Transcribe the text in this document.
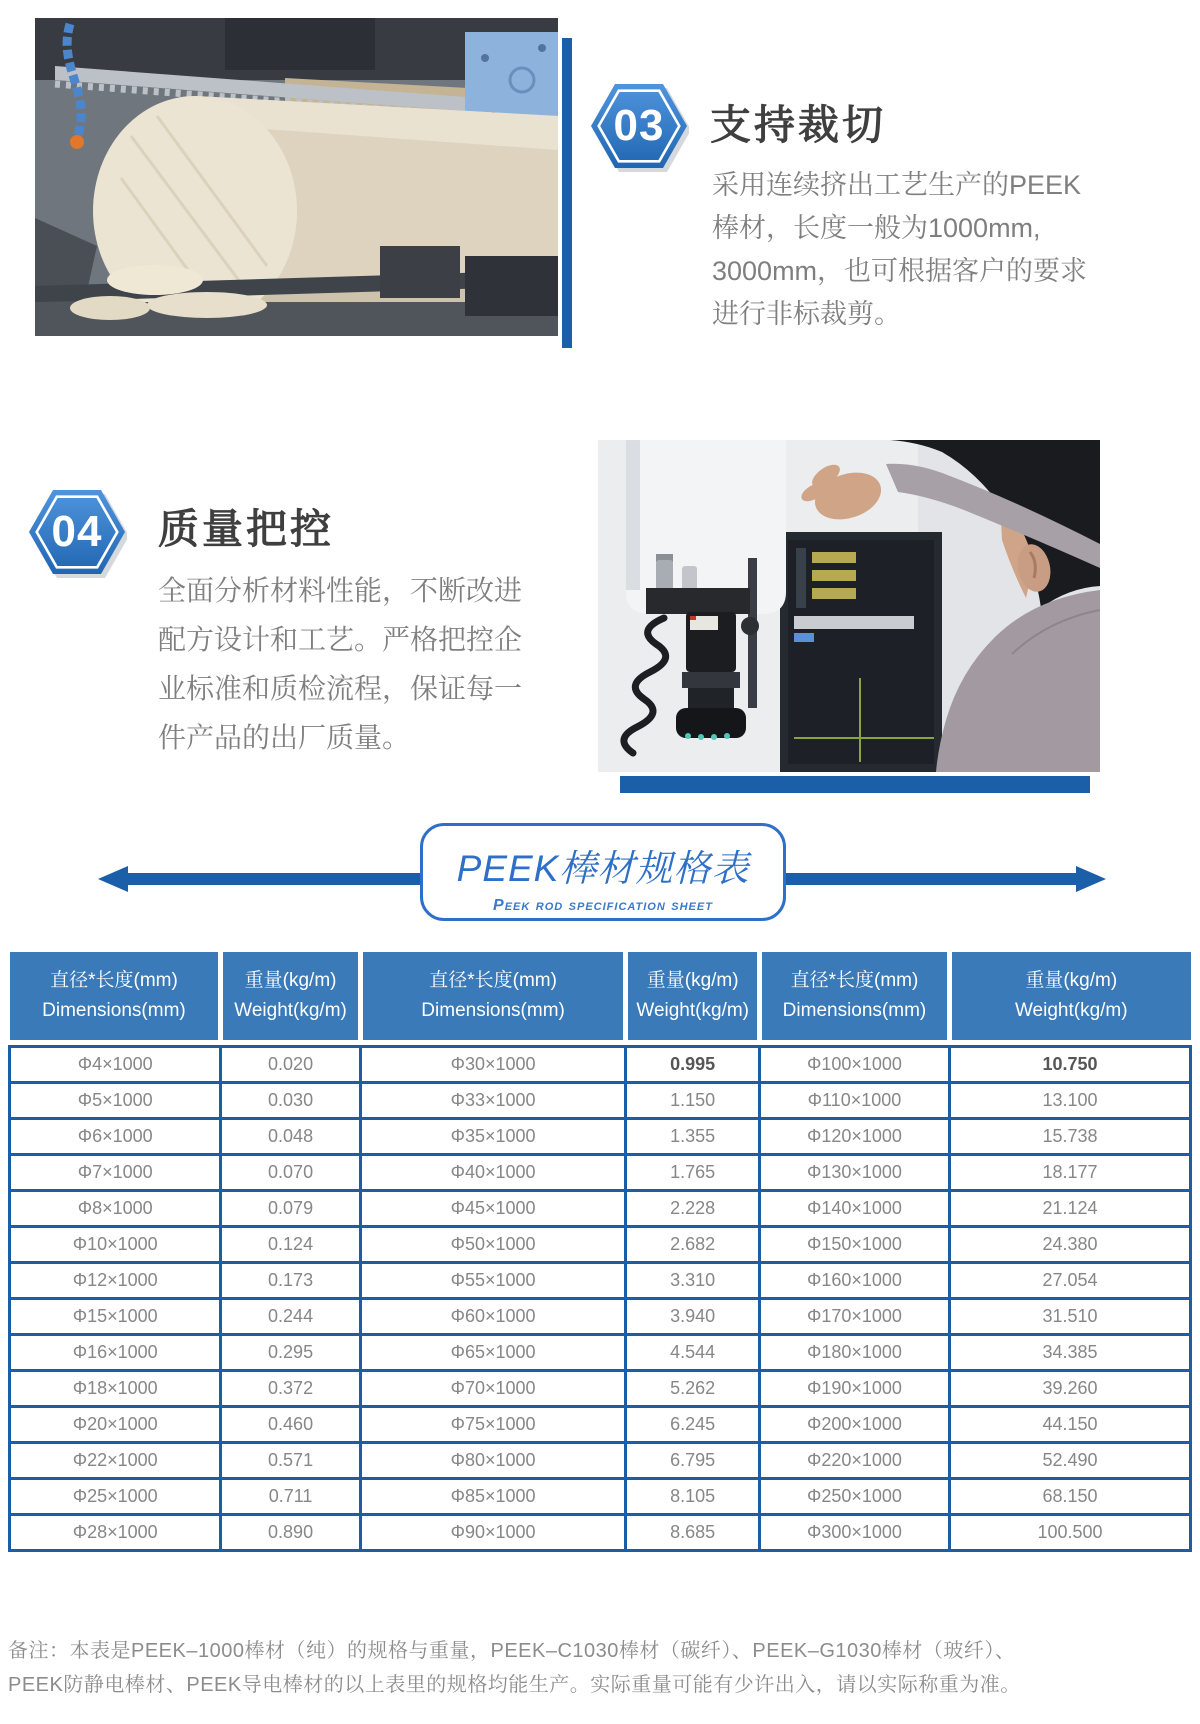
03 支持裁切
采用连续挤出工艺生产的PEEK
棒材，长度一般为1000mm,
3000mm，也可根据客户的要求
进行非标裁剪。
04 质量把控
全面分析材料性能，不断改进
配方设计和工艺。严格把控企
业标准和质检流程，保证每一
件产品的出厂质量。
PEEK棒材规格表
Peek rod specification sheet
直径*长度(mm)
Dimensions(mm)

重量(kg/m)
Weight(kg/m)

直径*长度(mm)
Dimensions(mm)

重量(kg/m)
Weight(kg/m)

直径*长度(mm)
Dimensions(mm)

重量(kg/m)
Weight(kg/m)

Φ4×1000	0.020	Φ30×1000	0.995	Φ100×1000	10.750
Φ5×1000	0.030	Φ33×1000	1.150	Φ110×1000	13.100
Φ6×1000	0.048	Φ35×1000	1.355	Φ120×1000	15.738
Φ7×1000	0.070	Φ40×1000	1.765	Φ130×1000	18.177
Φ8×1000	0.079	Φ45×1000	2.228	Φ140×1000	21.124
Φ10×1000	0.124	Φ50×1000	2.682	Φ150×1000	24.380
Φ12×1000	0.173	Φ55×1000	3.310	Φ160×1000	27.054
Φ15×1000	0.244	Φ60×1000	3.940	Φ170×1000	31.510
Φ16×1000	0.295	Φ65×1000	4.544	Φ180×1000	34.385
Φ18×1000	0.372	Φ70×1000	5.262	Φ190×1000	39.260
Φ20×1000	0.460	Φ75×1000	6.245	Φ200×1000	44.150
Φ22×1000	0.571	Φ80×1000	6.795	Φ220×1000	52.490
Φ25×1000	0.711	Φ85×1000	8.105	Φ250×1000	68.150
Φ28×1000	0.890	Φ90×1000	8.685	Φ300×1000	100.500
备注：本表是PEEK–1000棒材（纯）的规格与重量，PEEK–C1030棒材（碳纤）、PEEK–G1030棒材（玻纤）、
PEEK防静电棒材、PEEK导电棒材的以上表里的规格均能生产。实际重量可能有少许出入，请以实际称重为准。
